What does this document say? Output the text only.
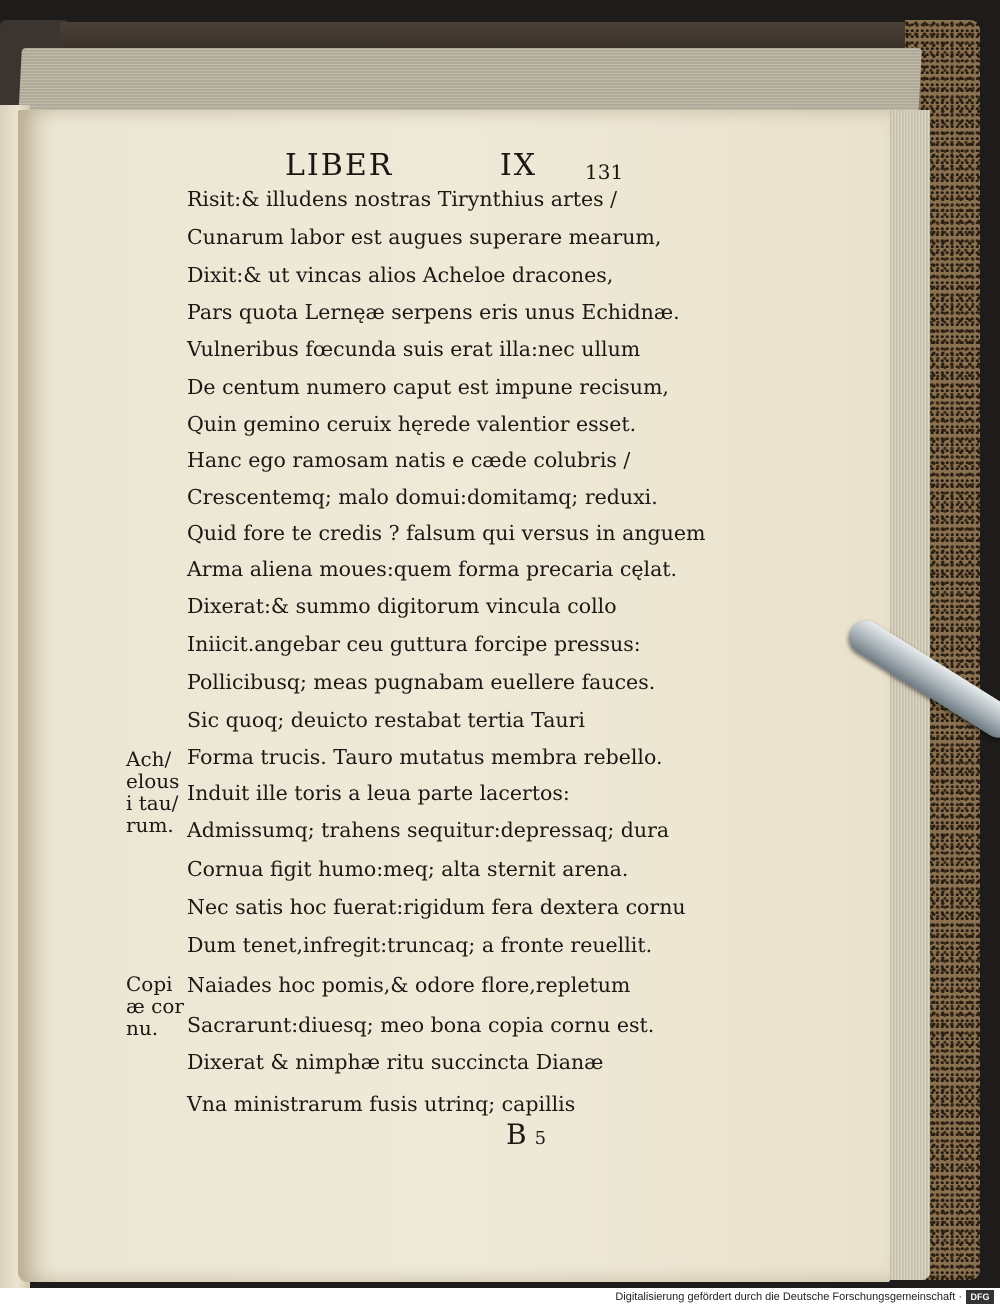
LIBER	IX 131
Risit:& illudens nostras Tirynthius artes /
Cunarum labor est augues superare mearum,
Dixit:& ut vincas alios Acheloe dracones,
Pars quota Lernęæ serpens eris unus Echidnæ.
Vulneribus fœcunda suis erat illa:nec ullum
De centum numero caput est impune recisum,
Quin gemino ceruix hęrede valentior esset.
Hanc ego ramosam natis e cæde colubris /
Crescentemq; malo domui:domitamq; reduxi.
Quid fore te credis ? falsum qui versus in anguem
Arma aliena moues:quem forma precaria cęlat.
Dixerat:& summo digitorum vincula collo
Iniicit.angebar ceu guttura forcipe pressus:
Pollicibusq; meas pugnabam euellere fauces.
Sic quoq; deuicto restabat tertia Tauri
Forma trucis. Tauro mutatus membra rebello.
Induit ille toris a leua parte lacertos:
Admissumq; trahens sequitur:depressaq; dura
Cornua figit humo:meq; alta sternit arena.
Nec satis hoc fuerat:rigidum fera dextera cornu
Dum tenet,infregit:truncaq; a fronte reuellit.
Naiades hoc pomis,& odore flore,repletum
Sacrarunt:diuesq; meo bona copia cornu est.
Dixerat & nimphæ ritu succincta Dianæ
Vna ministrarum fusis utrinq; capillis
Ach/
elous
i tau/
rum.
Copi
æ cor
nu.
B 5
Digitalisierung gefördert durch die Deutsche Forschungsgemeinschaft · DFG
